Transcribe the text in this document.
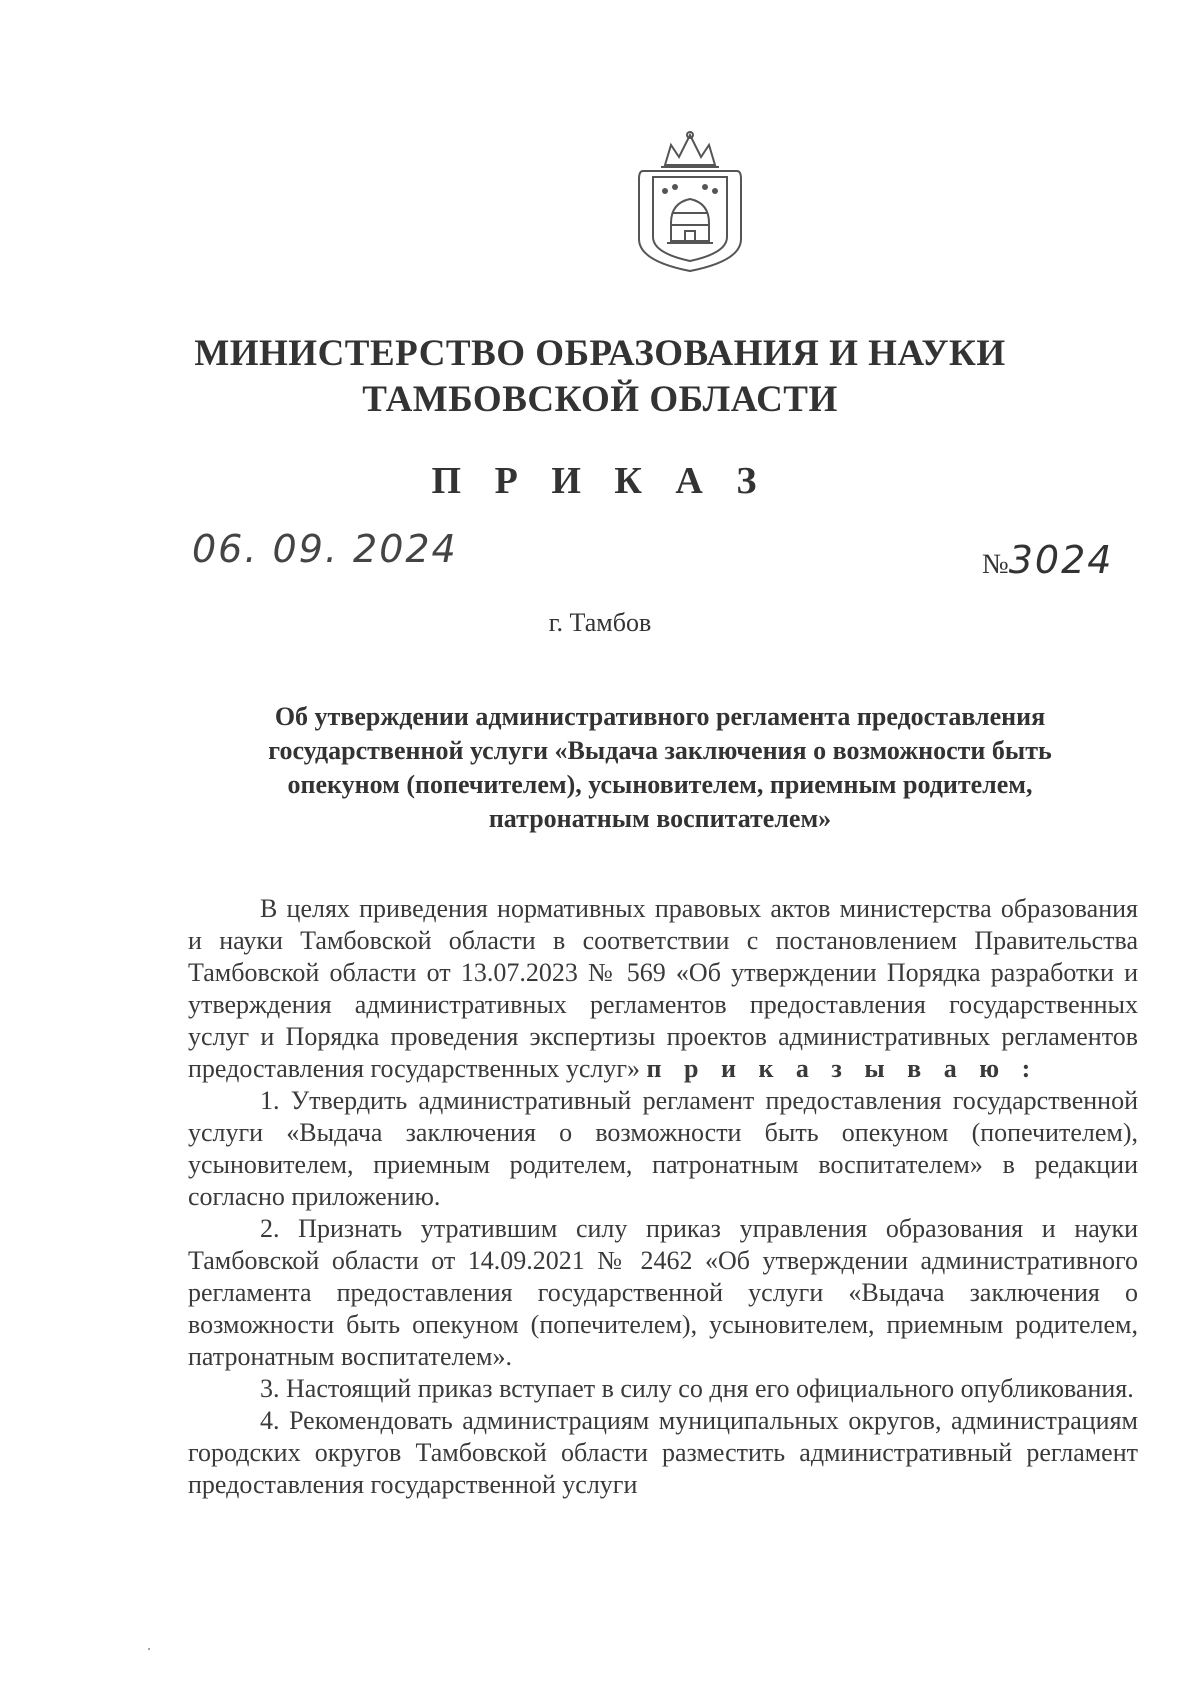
МИНИСТЕРСТВО ОБРАЗОВАНИЯ И НАУКИ
ТАМБОВСКОЙ ОБЛАСТИ
П Р И К А З
06. 09. 2024	№3024
г. Тамбов
Об утверждении административного регламента предоставления
государственной услуги «Выдача заключения о возможности быть
опекуном (попечителем), усыновителем, приемным родителем,
патронатным воспитателем»

В целях приведения нормативных правовых актов министерства образования и науки Тамбовской области в соответствии с постановлением Правительства Тамбовской области от 13.07.2023 № 569 «Об утверждении Порядка разработки и утверждения административных регламентов предоставления государственных услуг и Порядка проведения экспертизы проектов административных регламентов предоставления государственных услуг» п р и к а з ы в а ю :

1. Утвердить административный регламент предоставления государственной услуги «Выдача заключения о возможности быть опекуном (попечителем), усыновителем, приемным родителем, патронатным воспитателем» в редакции согласно приложению.

2. Признать утратившим силу приказ управления образования и науки Тамбовской области от 14.09.2021 № 2462 «Об утверждении административного регламента предоставления государственной услуги «Выдача заключения о возможности быть опекуном (попечителем), усыновителем, приемным родителем, патронатным воспитателем».

3. Настоящий приказ вступает в силу со дня его официального опубликования.

4. Рекомендовать администрациям муниципальных округов, администрациям городских округов Тамбовской области разместить административный регламент предоставления государственной услуги
